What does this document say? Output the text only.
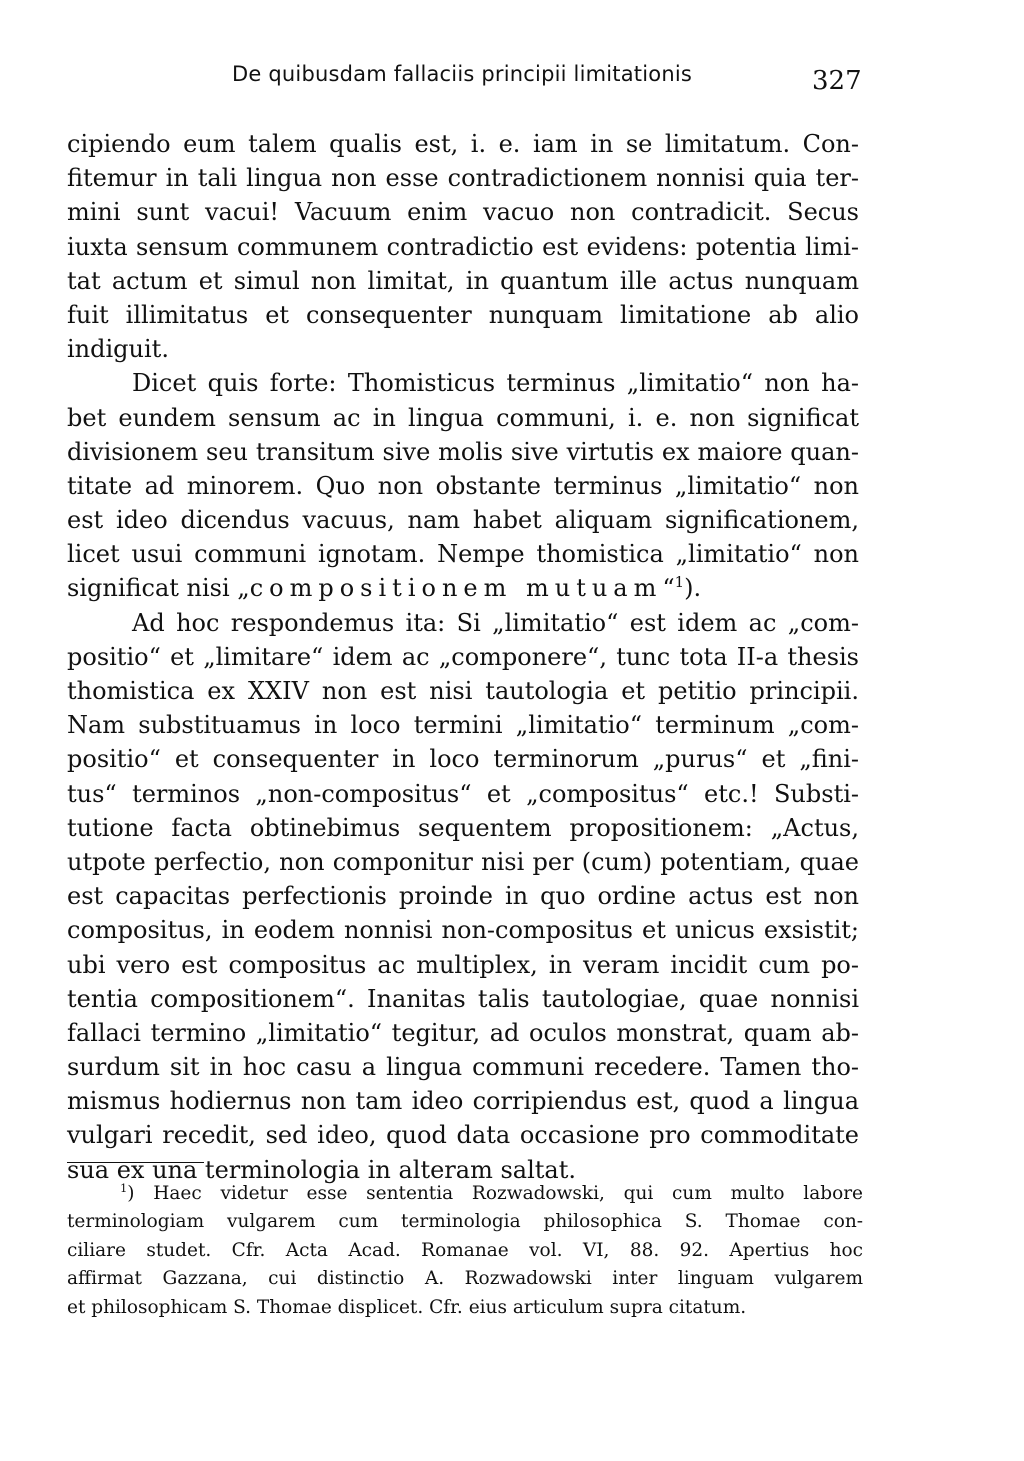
De quibusdam fallaciis principii limitationis	327
cipiendo eum talem qualis est, i. e. iam in se limitatum. Con-
fitemur in tali lingua non esse contradictionem nonnisi quia ter-
mini sunt vacui! Vacuum enim vacuo non contradicit. Secus
iuxta sensum communem contradictio est evidens: potentia limi-
tat actum et simul non limitat, in quantum ille actus nunquam
fuit illimitatus et consequenter nunquam limitatione ab alio
indiguit.
Dicet quis forte: Thomisticus terminus „limitatio“ non ha-
bet eundem sensum ac in lingua communi, i. e. non significat
divisionem seu transitum sive molis sive virtutis ex maiore quan-
titate ad minorem. Quo non obstante terminus „limitatio“ non
est ideo dicendus vacuus, nam habet aliquam significationem,
licet usui communi ignotam. Nempe thomistica „limitatio“ non
significat nisi „compositionem mutuam“$^1$).
Ad hoc respondemus ita: Si „limitatio“ est idem ac „com-
positio“ et „limitare“ idem ac „componere“, tunc tota II-a thesis
thomistica ex XXIV non est nisi tautologia et petitio principii.
Nam substituamus in loco termini „limitatio“ terminum „com-
positio“ et consequenter in loco terminorum „purus“ et „fini-
tus“ terminos „non-compositus“ et „compositus“ etc.! Substi-
tutione facta obtinebimus sequentem propositionem: „Actus,
utpote perfectio, non componitur nisi per (cum) potentiam, quae
est capacitas perfectionis proinde in quo ordine actus est non
compositus, in eodem nonnisi non-compositus et unicus exsistit;
ubi vero est compositus ac multiplex, in veram incidit cum po-
tentia compositionem“. Inanitas talis tautologiae, quae nonnisi
fallaci termino „limitatio“ tegitur, ad oculos monstrat, quam ab-
surdum sit in hoc casu a lingua communi recedere. Tamen tho-
mismus hodiernus non tam ideo corripiendus est, quod a lingua
vulgari recedit, sed ideo, quod data occasione pro commoditate
sua ex una terminologia in alteram saltat.
$^1$) Haec videtur esse sententia Rozwadowski, qui cum multo labore
terminologiam vulgarem cum terminologia philosophica S. Thomae con-
ciliare studet. Cfr. Acta Acad. Romanae vol. VI, 88. 92. Apertius hoc
affirmat Gazzana, cui distinctio A. Rozwadowski inter linguam vulgarem
et philosophicam S. Thomae displicet. Cfr. eius articulum supra citatum.
